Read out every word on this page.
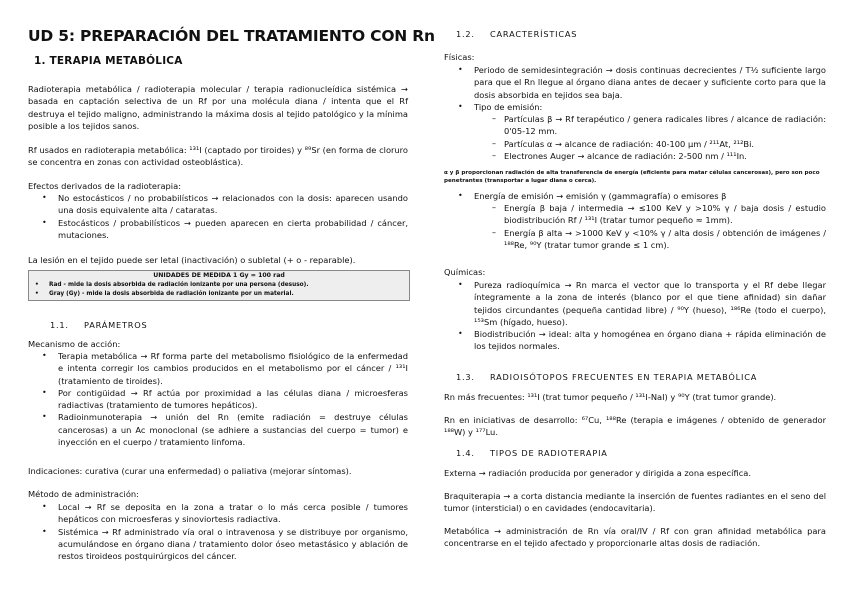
UD 5: PREPARACIÓN DEL TRATAMIENTO CON Rn
1. TERAPIA METABÓLICA

Radioterapia metabólica / radioterapia molecular / terapia radionucleídica sistémica → basada en captación selectiva de un Rf por una molécula diana / intenta que el Rf destruya el tejido maligno, administrando la máxima dosis al tejido patológico y la mínima posible a los tejidos sanos.

Rf usados en radioterapia metabólica: ¹³¹I (captado por tiroides) y ⁸⁹Sr (en forma de cloruro se concentra en zonas con actividad osteoblástica).

Efectos derivados de la radioterapia:

• No estocásticos / no probabilísticos → relacionados con la dosis: aparecen usando una dosis equivalente alta / cataratas.
• Estocásticos / probabilísticos → pueden aparecen en cierta probabilidad / cáncer, mutaciones.

La lesión en el tejido puede ser letal (inactivación) o subletal (+ o - reparable).

UNIDADES DE MEDIDA 1 Gy = 100 rad
• Rad - mide la dosis absorbida de radiación ionizante por una persona (desuso).
• Gray (Gy) - mide la dosis absorbida de radiación ionizante por un material.
1.1. PARÁMETROS

Mecanismo de acción:

• Terapia metabólica → Rf forma parte del metabolismo fisiológico de la enfermedad e intenta corregir los cambios producidos en el metabolismo por el cáncer / ¹³¹I (tratamiento de tiroides).
• Por contigüidad → Rf actúa por proximidad a las células diana / microesferas radiactivas (tratamiento de tumores hepáticos).
• Radioinmunoterapia → unión del Rn (emite radiación = destruye células cancerosas) a un Ac monoclonal (se adhiere a sustancias del cuerpo = tumor) e inyección en el cuerpo / tratamiento linfoma.

Indicaciones: curativa (curar una enfermedad) o paliativa (mejorar síntomas).

Método de administración:

• Local → Rf se deposita en la zona a tratar o lo más cerca posible / tumores hepáticos con microesferas y sinoviortesis radiactiva.
• Sistémica → Rf administrado vía oral o intravenosa y se distribuye por organismo, acumulándose en órgano diana / tratamiento dolor óseo metastásico y ablación de restos tiroideos postquirúrgicos del cáncer.
1.2. CARACTERÍSTICAS

Físicas:

• Periodo de semidesintegración → dosis continuas decrecientes / T½ suficiente largo para que el Rn llegue al órgano diana antes de decaer y suficiente corto para que la dosis absorbida en tejidos sea baja.
• Tipo de emisión:
– Partículas β → Rf terapéutico / genera radicales libres / alcance de radiación: 0'05-12 mm.
– Partículas α → alcance de radiación: 40-100 μm / ²¹¹At, ²¹²Bi.
– Electrones Auger → alcance de radiación: 2-500 nm / ¹¹¹In.

α y β proporcionan radiación de alta transferencia de energía (eficiente para matar células cancerosas), pero son poco penetrantes (transportar a lugar diana o cerca).

• Energía de emisión → emisión γ (gammagrafía) o emisores β
– Energía β baja / intermedia → ≤100 KeV y >10% γ / baja dosis / estudio biodistribución Rf / ¹³¹I (tratar tumor pequeño ≈ 1mm).
– Energía β alta → >1000 KeV y <10% γ / alta dosis / obtención de imágenes / ¹⁸⁸Re, ⁹⁰Y (tratar tumor grande ≤ 1 cm).

Químicas:

• Pureza radioquímica → Rn marca el vector que lo transporta y el Rf debe llegar íntegramente a la zona de interés (blanco por el que tiene afinidad) sin dañar tejidos circundantes (pequeña cantidad libre) / ⁹⁰Y (hueso), ¹⁸⁶Re (todo el cuerpo), ¹⁵³Sm (hígado, hueso).
• Biodistribución → ideal: alta y homogénea en órgano diana + rápida eliminación de los tejidos normales.
1.3. RADIOISÓTOPOS FRECUENTES EN TERAPIA METABÓLICA

Rn más frecuentes: ¹³¹I (trat tumor pequeño / ¹³¹I-NaI) y ⁹⁰Y (trat tumor grande).

Rn en iniciativas de desarrollo: ⁶⁷Cu, ¹⁸⁸Re (terapia e imágenes / obtenido de generador ¹⁸⁸W) y ¹⁷⁷Lu.

1.4. TIPOS DE RADIOTERAPIA

Externa → radiación producida por generador y dirigida a zona específica.

Braquiterapia → a corta distancia mediante la inserción de fuentes radiantes en el seno del tumor (intersticial) o en cavidades (endocavitaria).

Metabólica → administración de Rn vía oral/IV / Rf con gran afinidad metabólica para concentrarse en el tejido afectado y proporcionarle altas dosis de radiación.
